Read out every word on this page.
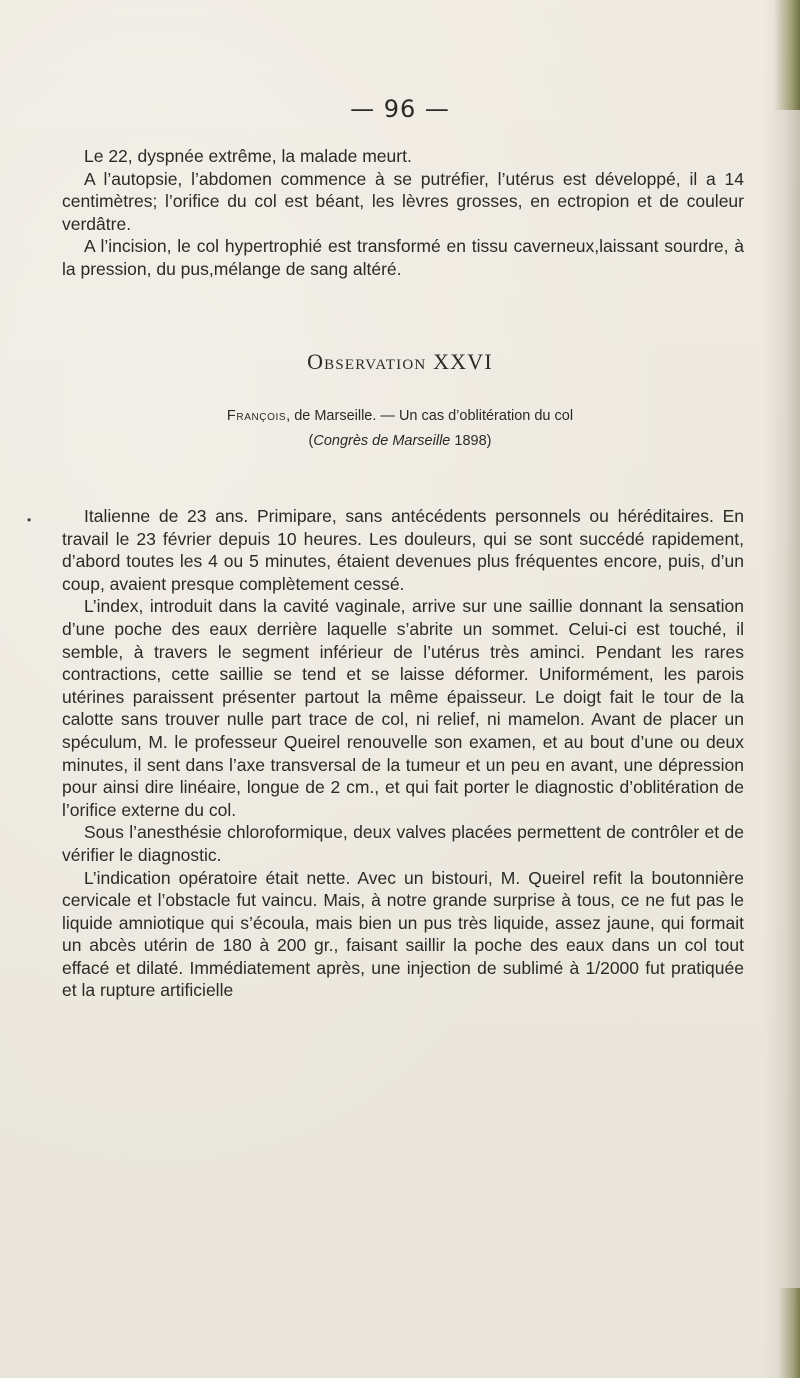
— 96 —

Le 22, dyspnée extrême, la malade meurt.

A l’autopsie, l’abdomen commence à se putréfier, l’utérus est développé, il a 14 centimètres; l’orifice du col est béant, les lèvres grosses, en ectropion et de couleur verdâtre.

A l’incision, le col hypertrophié est transformé en tissu caverneux,laissant sourdre, à la pression, du pus,mélange de sang altéré.

Observation XXVI
François, de Marseille. — Un cas d’oblitération du col
(Congrès de Marseille 1898)
•	Italienne de 23 ans. Primipare, sans antécédents personnels ou héréditaires. En travail le 23 février depuis 10 heures. Les douleurs, qui se sont succédé rapidement, d’abord toutes les 4 ou 5 minutes, étaient devenues plus fréquentes encore, puis, d’un coup, avaient presque complètement cessé.

L’index, introduit dans la cavité vaginale, arrive sur une saillie donnant la sensation d’une poche des eaux derrière laquelle s’abrite un sommet. Celui-ci est touché, il semble, à travers le segment inférieur de l’utérus très aminci. Pendant les rares contractions, cette saillie se tend et se laisse déformer. Uniformément, les parois utérines paraissent présenter partout la même épaisseur. Le doigt fait le tour de la calotte sans trouver nulle part trace de col, ni relief, ni mamelon. Avant de placer un spéculum, M. le professeur Queirel renouvelle son examen, et au bout d’une ou deux minutes, il sent dans l’axe transversal de la tumeur et un peu en avant, une dépression pour ainsi dire linéaire, longue de 2 cm., et qui fait porter le diagnostic d’oblitération de l’orifice externe du col.

Sous l’anesthésie chloroformique, deux valves placées permettent de contrôler et de vérifier le diagnostic.

L’indication opératoire était nette. Avec un bistouri, M. Queirel refit la boutonnière cervicale et l’obstacle fut vaincu. Mais, à notre grande surprise à tous, ce ne fut pas le liquide amniotique qui s’écoula, mais bien un pus très liquide, assez jaune, qui formait un abcès utérin de 180 à 200 gr., faisant saillir la poche des eaux dans un col tout effacé et dilaté. Immédiatement après, une injection de sublimé à 1/2000 fut pratiquée et la rupture artificielle
